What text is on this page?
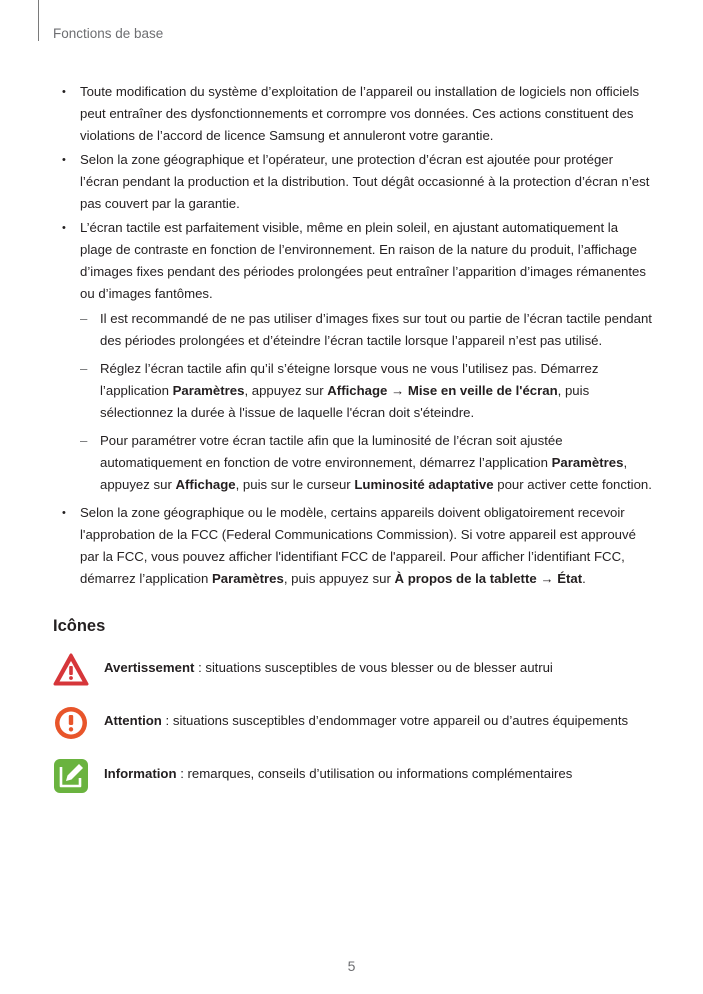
Fonctions de base
• Toute modification du système d’exploitation de l’appareil ou installation de logiciels non officiels peut entraîner des dysfonctionnements et corrompre vos données. Ces actions constituent des violations de l’accord de licence Samsung et annuleront votre garantie.
• Selon la zone géographique et l’opérateur, une protection d’écran est ajoutée pour protéger l’écran pendant la production et la distribution. Tout dégât occasionné à la protection d’écran n’est pas couvert par la garantie.
• L’écran tactile est parfaitement visible, même en plein soleil, en ajustant automatiquement la plage de contraste en fonction de l’environnement. En raison de la nature du produit, l’affichage d’images fixes pendant des périodes prolongées peut entraîner l’apparition d’images rémanentes ou d’images fantômes.
– Il est recommandé de ne pas utiliser d’images fixes sur tout ou partie de l’écran tactile pendant des périodes prolongées et d’éteindre l’écran tactile lorsque l’appareil n’est pas utilisé.
– Réglez l’écran tactile afin qu’il s’éteigne lorsque vous ne vous l’utilisez pas. Démarrez l’application Paramètres, appuyez sur Affichage → Mise en veille de l'écran, puis sélectionnez la durée à l'issue de laquelle l'écran doit s'éteindre.
– Pour paramétrer votre écran tactile afin que la luminosité de l’écran soit ajustée automatiquement en fonction de votre environnement, démarrez l’application Paramètres, appuyez sur Affichage, puis sur le curseur Luminosité adaptative pour activer cette fonction.
• Selon la zone géographique ou le modèle, certains appareils doivent obligatoirement recevoir l'approbation de la FCC (Federal Communications Commission). Si votre appareil est approuvé par la FCC, vous pouvez afficher l'identifiant FCC de l'appareil. Pour afficher l’identifiant FCC, démarrez l’application Paramètres, puis appuyez sur À propos de la tablette → État.
Icônes
Avertissement : situations susceptibles de vous blesser ou de blesser autrui
Attention : situations susceptibles d’endommager votre appareil ou d’autres équipements
Information : remarques, conseils d’utilisation ou informations complémentaires
5
